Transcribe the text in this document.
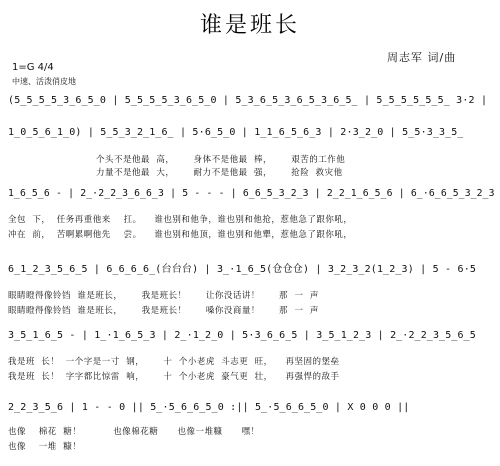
谁是班长
周志军 词/曲
1=G 4/4
中速、活泼俏皮地
(5̲5̲5̲5̲3̲6̲5̲0 | 5̲5̲5̲5̲3̲6̲5̲0 | 5̲3̲6̲5̲3̲6̲5̲3̲6̲5̲ | 5̲5̲5̲5̲5̲5̲ 3·2 |
1̲0̲5̲6̲1̲0) | 5̲5̲3̲2̲1̲6̲ | 5·6̲5̲0 | 1̲1̲6̲5̲6̲3 | 2·3̲2̲0 | 5̲5·3̲3̲5̲
个头不是他最  高，      身体不是他最  棒，      艰苦的工作他
力量不是他最  大，      耐力不是他最  强，      抢险  救灾他
1̲6̲5̲6 - | 2̲·2̲2̲3̲6̲6̲3 | 5 - - - | 6̲6̲5̲3̲2̲3 | 2̲2̲1̲6̲5̲6 | 6̲·6̲6̲5̲3̲2̲3
全包  下，  任务再重他来    扛。    谁也别和他争，谁也别和他抢，惹他急了跟你吼，
冲在  前，  苦啊累啊他先    尝。    谁也别和他顶，谁也别和他犟，惹他急了跟你吼，
6̲1̲2̲3̲5̲6̲5 | 6̲6̲6̲6̲(台台台) | 3̲·1̲6̲5(仓仓仓) | 3̲2̲3̲2(1̲2̲3) | 5 - 6·5
眼睛瞪得像铃铛  谁是班长，      我是班长！      让你没话讲！      那  一  声
眼睛瞪得像铃铛  谁是班长，      我是班长！      嗓你没商量！      那  一  声
3̲5̲1̲6̲5 - | 1̲·1̲6̲5̲3 | 2̲·1̲2̲0 | 5·3̲6̲6̲5 | 3̲5̲1̲2̲3 | 2̲·2̲2̲3̲5̲6̲5
我是班  长！  一个字是一寸  钢，      十  个小老虎  斗志更  旺，    再坚固的堡垒
我是班  长！  字字都比惊雷  响，      十  个小老虎  豪气更  壮，    再强悍的敌手
2̲2̲3̲5̲6 | 1 - - 0 || 5̲·5̲6̲6̲5̲0 :|| 5̲·5̲6̲6̲5̲0 | X 0 0 0 ||
也像    棉花  糖！          也像棉花糖      也像一堆糠      嘿！
也像    一堆  糠！
